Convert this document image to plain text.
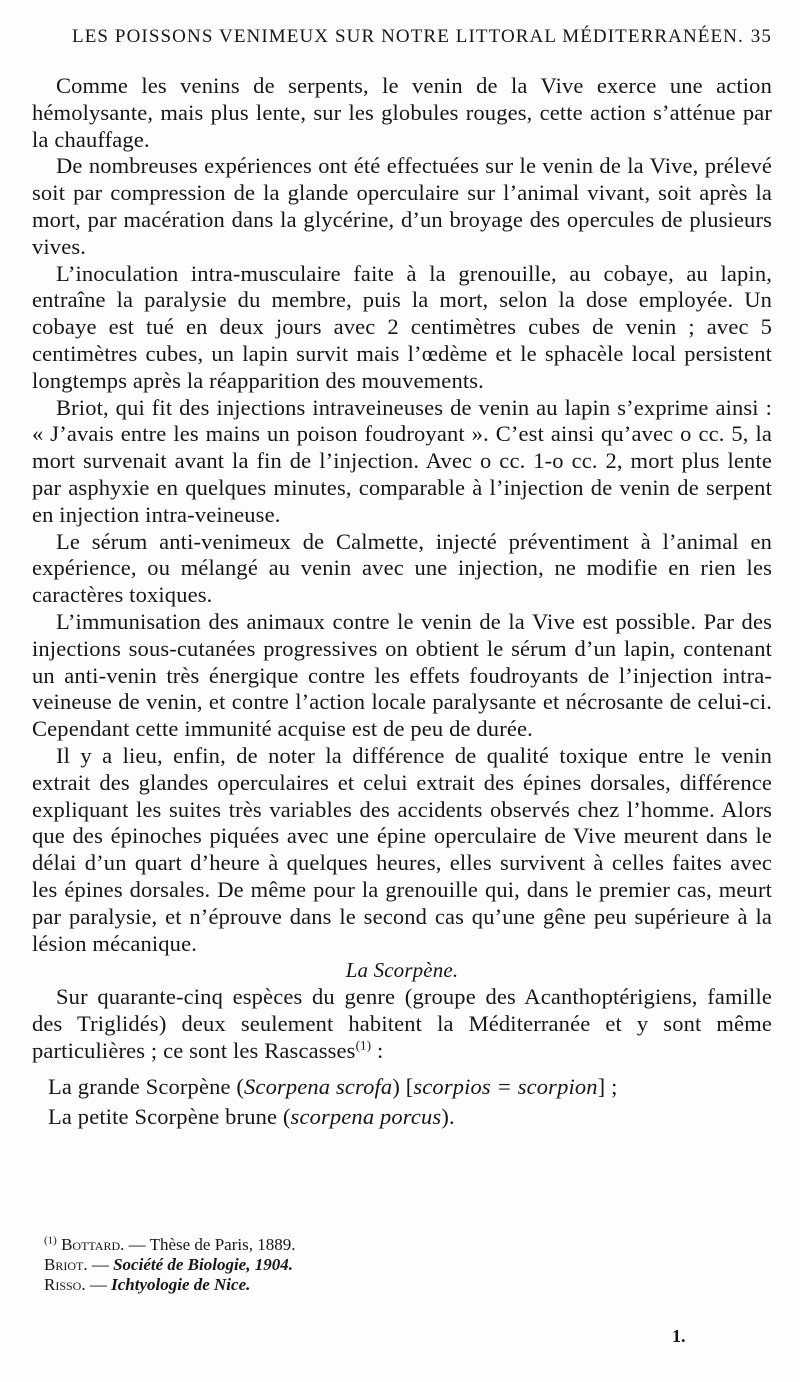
LES POISSONS VENIMEUX SUR NOTRE LITTORAL MÉDITERRANÉEN. 35

Comme les venins de serpents, le venin de la Vive exerce une action hémolysante, mais plus lente, sur les globules rouges, cette action s’atténue par la chauffage.

De nombreuses expériences ont été effectuées sur le venin de la Vive, prélevé soit par compression de la glande operculaire sur l’animal vivant, soit après la mort, par macération dans la glycérine, d’un broyage des opercules de plusieurs vives.

L’inoculation intra-musculaire faite à la grenouille, au cobaye, au lapin, entraîne la paralysie du membre, puis la mort, selon la dose employée. Un cobaye est tué en deux jours avec 2 centimètres cubes de venin ; avec 5 centimètres cubes, un lapin survit mais l’œdème et le sphacèle local persistent longtemps après la réapparition des mouvements.

Briot, qui fit des injections intraveineuses de venin au lapin s’exprime ainsi : « J’avais entre les mains un poison foudroyant ». C’est ainsi qu’avec o cc. 5, la mort survenait avant la fin de l’injection. Avec o cc. 1-o cc. 2, mort plus lente par asphyxie en quelques minutes, comparable à l’injection de venin de serpent en injection intra-veineuse.

Le sérum anti-venimeux de Calmette, injecté préventiment à l’animal en expérience, ou mélangé au venin avec une injection, ne modifie en rien les caractères toxiques.

L’immunisation des animaux contre le venin de la Vive est possible. Par des injections sous-cutanées progressives on obtient le sérum d’un lapin, contenant un anti-venin très énergique contre les effets foudroyants de l’injection intra-veineuse de venin, et contre l’action locale paralysante et nécrosante de celui-ci. Cependant cette immunité acquise est de peu de durée.

Il y a lieu, enfin, de noter la différence de qualité toxique entre le venin extrait des glandes operculaires et celui extrait des épines dorsales, différence expliquant les suites très variables des accidents observés chez l’homme. Alors que des épinoches piquées avec une épine operculaire de Vive meurent dans le délai d’un quart d’heure à quelques heures, elles survivent à celles faites avec les épines dorsales. De même pour la grenouille qui, dans le premier cas, meurt par paralysie, et n’éprouve dans le second cas qu’une gêne peu supérieure à la lésion mécanique.

La Scorpène.

Sur quarante-cinq espèces du genre (groupe des Acanthoptérigiens, famille des Triglidés) deux seulement habitent la Méditerranée et y sont même particulières ; ce sont les Rascasses$^{(1)}$ :

La grande Scorpène (Scorpena scrofa) [scorpios = scorpion] ;
La petite Scorpène brune (scorpena porcus).

$^{(1)}$ Bottard. — Thèse de Paris, 1889.

Briot. — Société de Biologie, 1904.

Risso. — Ichtyologie de Nice.

1.
